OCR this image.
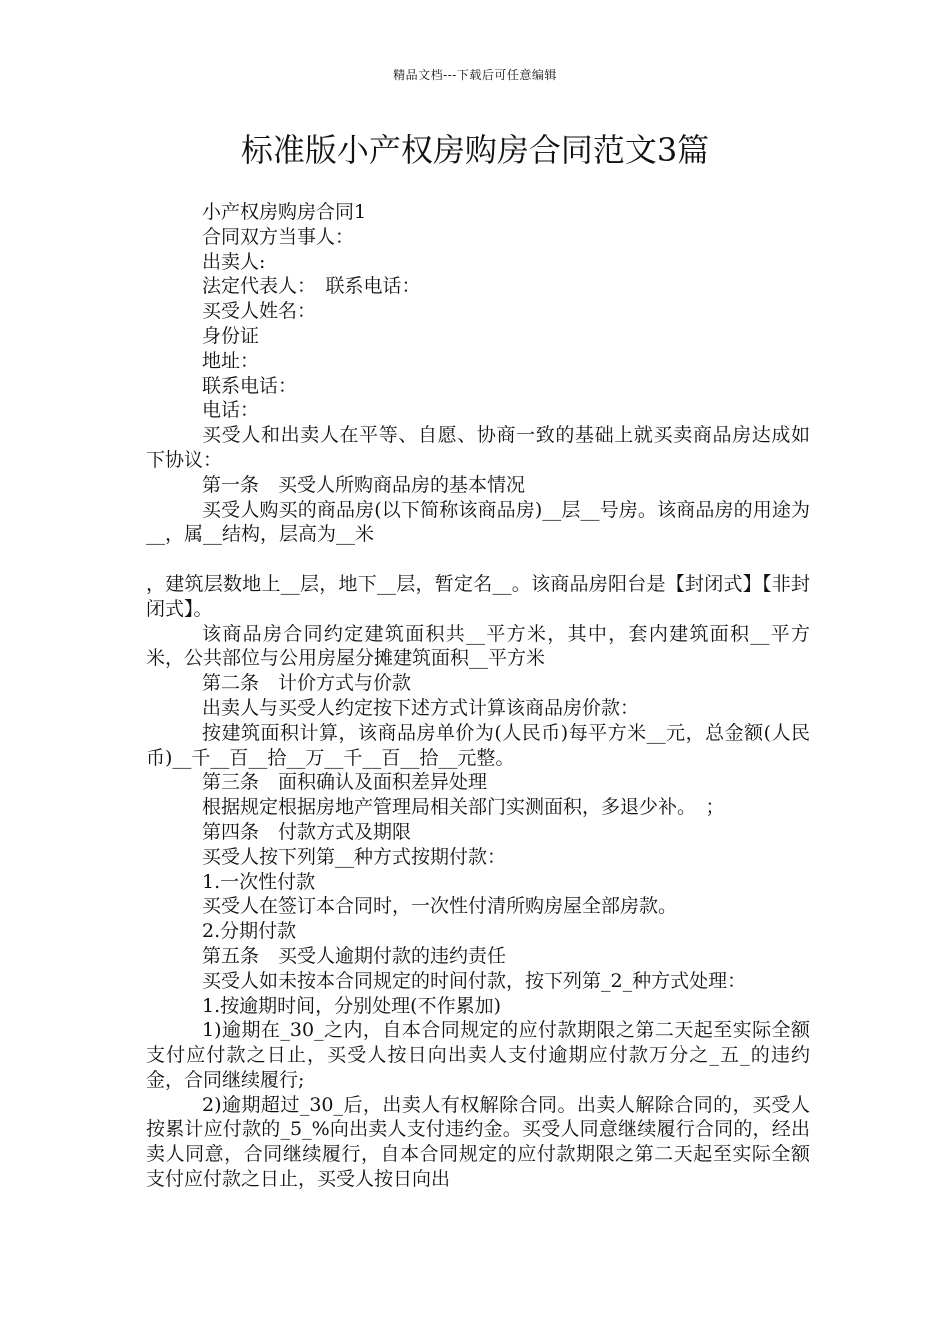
精品文档---下载后可任意编辑
标准版小产权房购房合同范文3篇

小产权房购房合同1

合同双方当事人：

出卖人:

法定代表人：　联系电话：

买受人姓名：

身份证

地址：

联系电话：

电话：

买受人和出卖人在平等、自愿、协商一致的基础上就买卖商品房达成如下协议：

第一条　买受人所购商品房的基本情况

买受人购买的商品房(以下简称该商品房)__层__号房。该商品房的用途为__，属__结构，层高为__米

，建筑层数地上__层，地下__层，暂定名__。该商品房阳台是【封闭式】【非封闭式】。

该商品房合同约定建筑面积共__平方米，其中，套内建筑面积__平方米，公共部位与公用房屋分摊建筑面积__平方米

第二条　计价方式与价款

出卖人与买受人约定按下述方式计算该商品房价款：

按建筑面积计算，该商品房单价为(人民币)每平方米__元，总金额(人民币)__千__百__拾__万__千__百__拾__元整。

第三条　面积确认及面积差异处理

根据规定根据房地产管理局相关部门实测面积，多退少补。　；

第四条　付款方式及期限

买受人按下列第__种方式按期付款：

1.一次性付款

买受人在签订本合同时，一次性付清所购房屋全部房款。

2.分期付款

第五条　买受人逾期付款的违约责任

买受人如未按本合同规定的时间付款，按下列第_2_种方式处理：

1.按逾期时间，分别处理(不作累加)

1)逾期在_30_之内，自本合同规定的应付款期限之第二天起至实际全额支付应付款之日止，买受人按日向出卖人支付逾期应付款万分之_五_的违约金，合同继续履行;

2)逾期超过_30_后，出卖人有权解除合同。出卖人解除合同的，买受人按累计应付款的_5_%向出卖人支付违约金。买受人同意继续履行合同的，经出卖人同意，合同继续履行，自本合同规定的应付款期限之第二天起至实际全额支付应付款之日止，买受人按日向出
